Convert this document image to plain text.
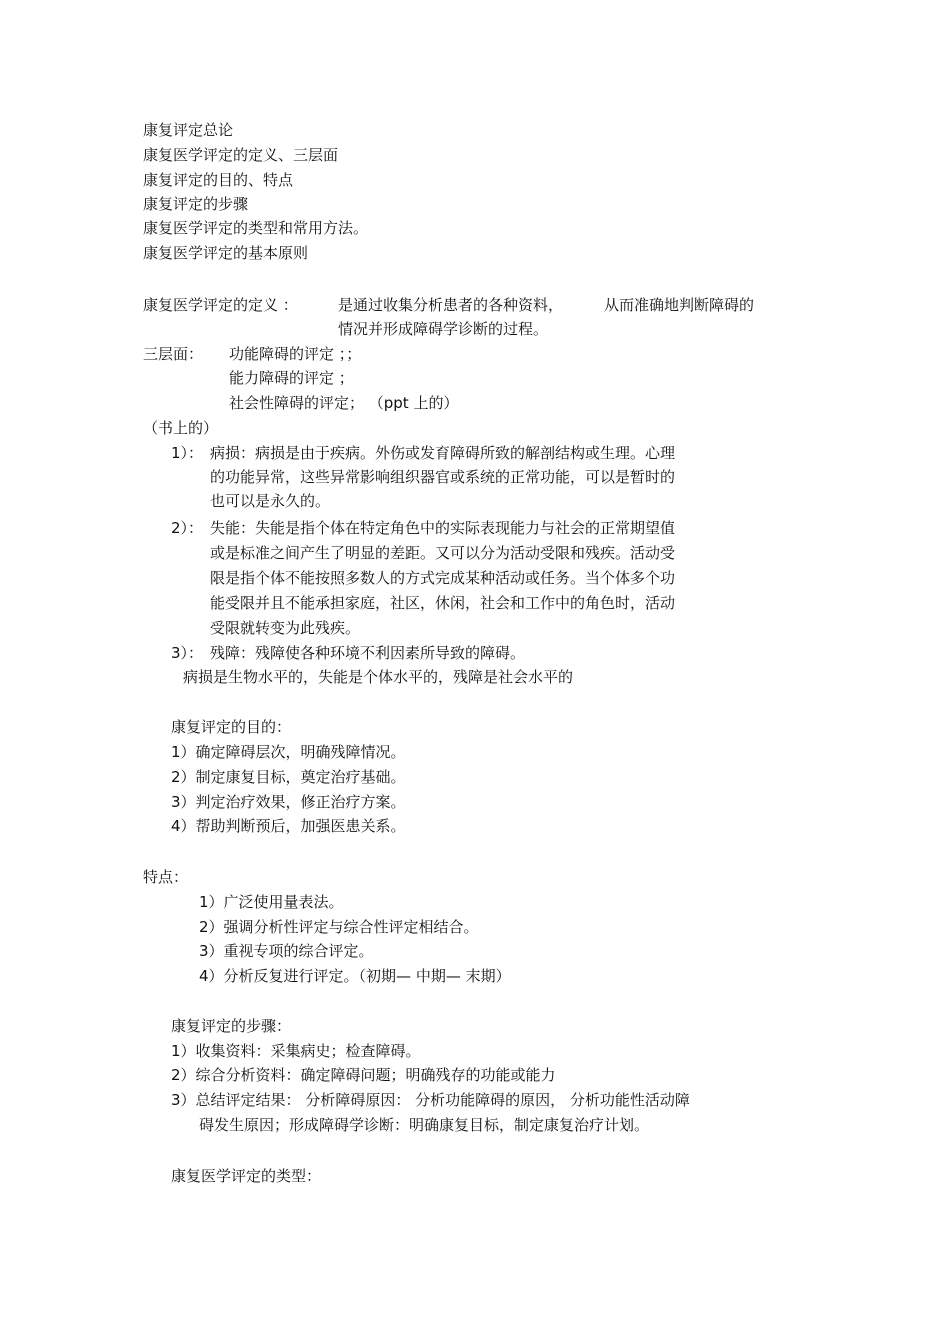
康复评定总论

康复医学评定的定义、三层面

康复评定的目的、特点

康复评定的步骤

康复医学评定的类型和常用方法。

康复医学评定的基本原则

康复医学评定的定义 ：	是通过收集分析患者的各种资料，	从而准确地判断障碍的

情况并形成障碍学诊断的过程。

三层面： 功能障碍的评定 ；；

能力障碍的评定 ；

社会性障碍的评定； （ppt 上的）

（书上的）

1）： 病损：病损是由于疾病。外伤或发育障碍所致的解剖结构或生理。心理

的功能异常，这些异常影响组织器官或系统的正常功能，可以是暂时的

也可以是永久的。

2）： 失能：失能是指个体在特定角色中的实际表现能力与社会的正常期望值

或是标准之间产生了明显的差距。又可以分为活动受限和残疾。活动受

限是指个体不能按照多数人的方式完成某种活动或任务。当个体多个功

能受限并且不能承担家庭，社区，休闲，社会和工作中的角色时，活动

受限就转变为此残疾。

3）： 残障：残障使各种环境不利因素所导致的障碍。

病损是生物水平的，失能是个体水平的，残障是社会水平的

康复评定的目的：

1）确定障碍层次，明确残障情况。

2）制定康复目标，奠定治疗基础。

3）判定治疗效果，修正治疗方案。

4）帮助判断预后，加强医患关系。

特点：

1）广泛使用量表法。

2）强调分析性评定与综合性评定相结合。

3）重视专项的综合评定。

4）分析反复进行评定。（初期— 中期— 末期）

康复评定的步骤：

1）收集资料：采集病史；检查障碍。

2）综合分析资料：确定障碍问题；明确残存的功能或能力

3）总结评定结果： 分析障碍原因： 分析功能障碍的原因， 分析功能性活动障

碍发生原因；形成障碍学诊断：明确康复目标，制定康复治疗计划。

康复医学评定的类型：
